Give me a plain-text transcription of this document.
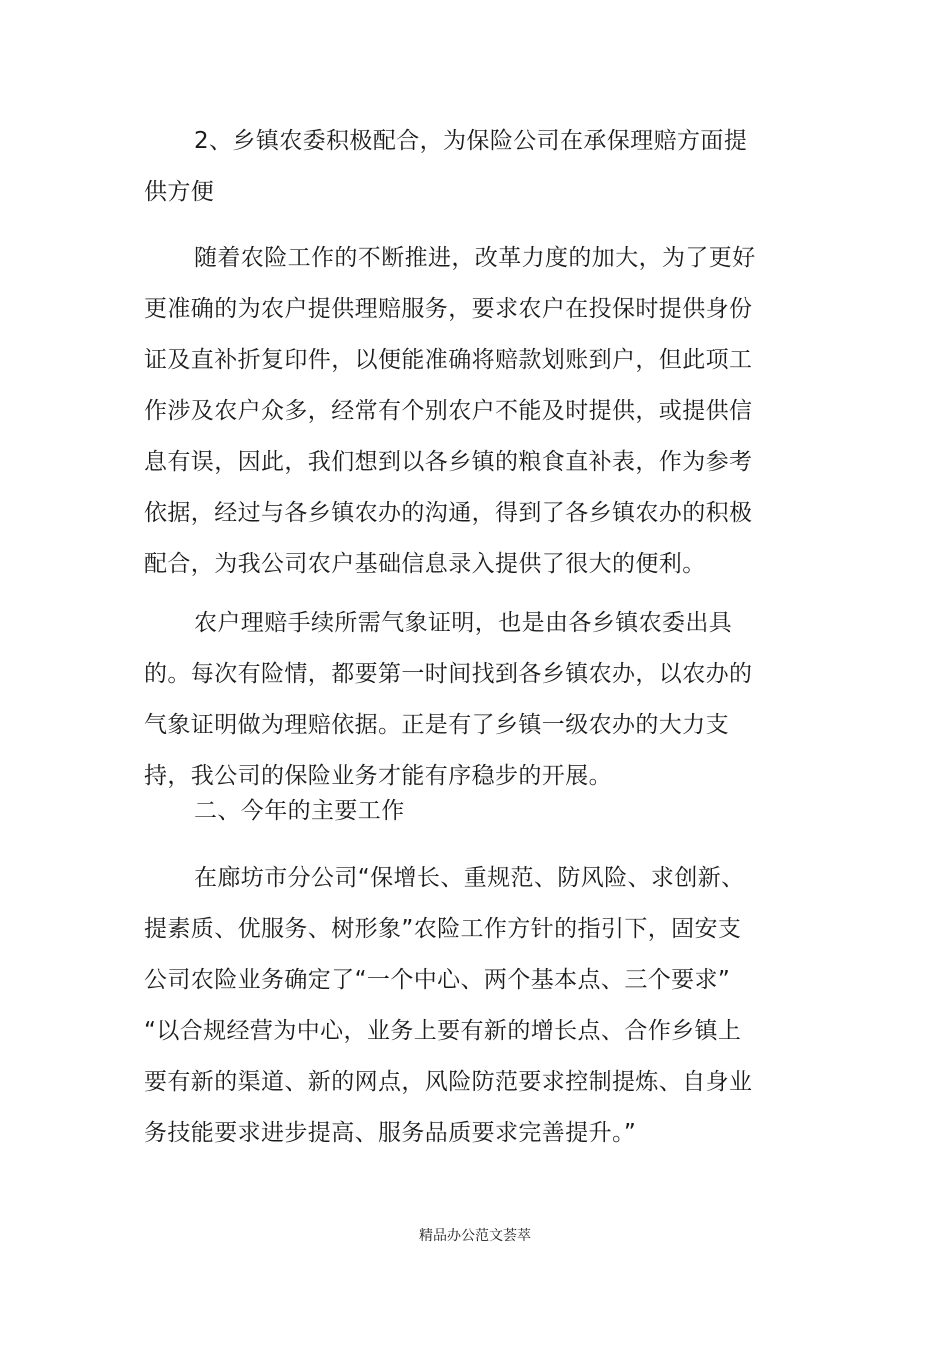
2、乡镇农委积极配合，为保险公司在承保理赔方面提
供方便
随着农险工作的不断推进，改革力度的加大，为了更好
更准确的为农户提供理赔服务，要求农户在投保时提供身份
证及直补折复印件，以便能准确将赔款划账到户，但此项工
作涉及农户众多，经常有个别农户不能及时提供，或提供信
息有误，因此，我们想到以各乡镇的粮食直补表，作为参考
依据，经过与各乡镇农办的沟通，得到了各乡镇农办的积极
配合，为我公司农户基础信息录入提供了很大的便利。
农户理赔手续所需气象证明，也是由各乡镇农委出具
的。每次有险情，都要第一时间找到各乡镇农办，以农办的
气象证明做为理赔依据。正是有了乡镇一级农办的大力支
持，我公司的保险业务才能有序稳步的开展。
二、今年的主要工作
在廊坊市分公司“保增长、重规范、防风险、求创新、
提素质、优服务、树形象”农险工作方针的指引下，固安支
公司农险业务确定了“一个中心、两个基本点、三个要求”
“以合规经营为中心，业务上要有新的增长点、合作乡镇上
要有新的渠道、新的网点，风险防范要求控制提炼、自身业
务技能要求进步提高、服务品质要求完善提升。”
精品办公范文荟萃
